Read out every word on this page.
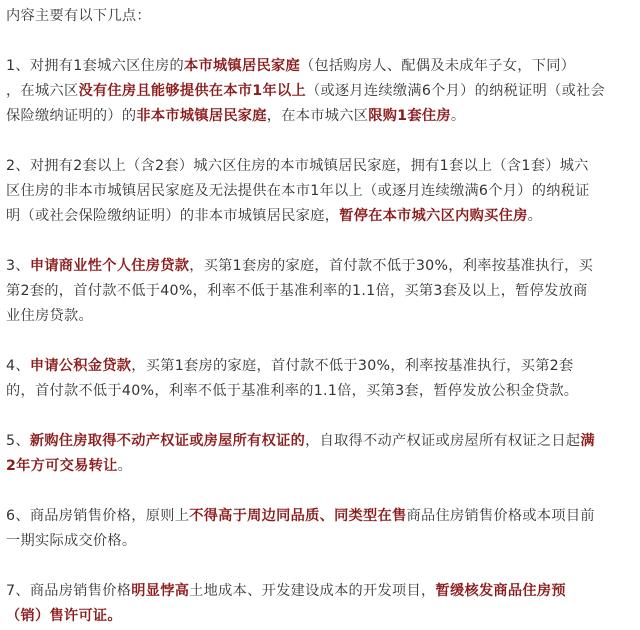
内容主要有以下几点：
1、对拥有1套城六区住房的本市城镇居民家庭（包括购房人、配偶及未成年子女，下同）
，在城六区没有住房且能够提供在本市1年以上（或逐月连续缴满6个月）的纳税证明（或社会
保险缴纳证明的）的非本市城镇居民家庭，在本市城六区限购1套住房。
2、对拥有2套以上（含2套）城六区住房的本市城镇居民家庭，拥有1套以上（含1套）城六
区住房的非本市城镇居民家庭及无法提供在本市1年以上（或逐月连续缴满6个月）的纳税证
明（或社会保险缴纳证明）的非本市城镇居民家庭，暂停在本市城六区内购买住房。
3、申请商业性个人住房贷款，买第1套房的家庭，首付款不低于30%，利率按基准执行，买
第2套的，首付款不低于40%，利率不低于基准利率的1.1倍，买第3套及以上，暂停发放商
业住房贷款。
4、申请公积金贷款，买第1套房的家庭，首付款不低于30%，利率按基准执行，买第2套
的，首付款不低于40%，利率不低于基准利率的1.1倍，买第3套，暂停发放公积金贷款。
5、新购住房取得不动产权证或房屋所有权证的，自取得不动产权证或房屋所有权证之日起满
2年方可交易转让。
6、商品房销售价格，原则上不得高于周边同品质、同类型在售商品住房销售价格或本项目前
一期实际成交价格。
7、商品房销售价格明显悖高土地成本、开发建设成本的开发项目，暂缓核发商品住房预
（销）售许可证。
